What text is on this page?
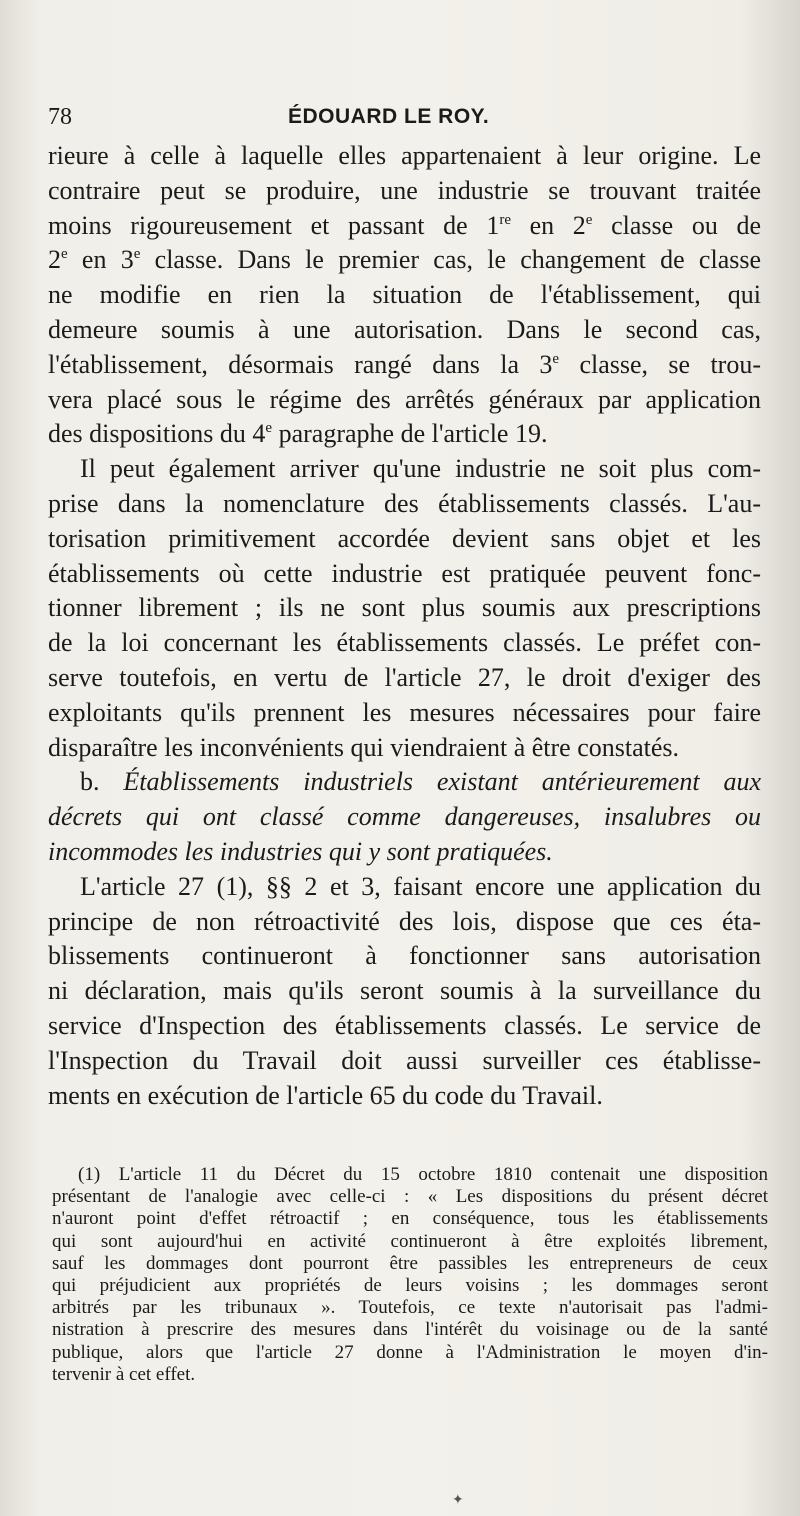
78	ÉDOUARD LE ROY.
rieure à celle à laquelle elles appartenaient à leur origine. Le
contraire peut se produire, une industrie se trouvant traitée
moins rigoureusement et passant de 1re en 2e classe ou de
2e en 3e classe. Dans le premier cas, le changement de classe
ne modifie en rien la situation de l'établissement, qui
demeure soumis à une autorisation. Dans le second cas,
l'établissement, désormais rangé dans la 3e classe, se trou-
vera placé sous le régime des arrêtés généraux par application
des dispositions du 4e paragraphe de l'article 19.
Il peut également arriver qu'une industrie ne soit plus com-
prise dans la nomenclature des établissements classés. L'au-
torisation primitivement accordée devient sans objet et les
établissements où cette industrie est pratiquée peuvent fonc-
tionner librement ; ils ne sont plus soumis aux prescriptions
de la loi concernant les établissements classés. Le préfet con-
serve toutefois, en vertu de l'article 27, le droit d'exiger des
exploitants qu'ils prennent les mesures nécessaires pour faire
disparaître les inconvénients qui viendraient à être constatés.
b. Établissements industriels existant antérieurement aux
décrets qui ont classé comme dangereuses, insalubres ou
incommodes les industries qui y sont pratiquées.
L'article 27 (1), §§ 2 et 3, faisant encore une application du
principe de non rétroactivité des lois, dispose que ces éta-
blissements continueront à fonctionner sans autorisation
ni déclaration, mais qu'ils seront soumis à la surveillance du
service d'Inspection des établissements classés. Le service de
l'Inspection du Travail doit aussi surveiller ces établisse-
ments en exécution de l'article 65 du code du Travail.
(1) L'article 11 du Décret du 15 octobre 1810 contenait une disposition
présentant de l'analogie avec celle-ci : « Les dispositions du présent décret
n'auront point d'effet rétroactif ; en conséquence, tous les établissements
qui sont aujourd'hui en activité continueront à être exploités librement,
sauf les dommages dont pourront être passibles les entrepreneurs de ceux
qui préjudicient aux propriétés de leurs voisins ; les dommages seront
arbitrés par les tribunaux ». Toutefois, ce texte n'autorisait pas l'admi-
nistration à prescrire des mesures dans l'intérêt du voisinage ou de la santé
publique, alors que l'article 27 donne à l'Administration le moyen d'in-
tervenir à cet effet.
✦
